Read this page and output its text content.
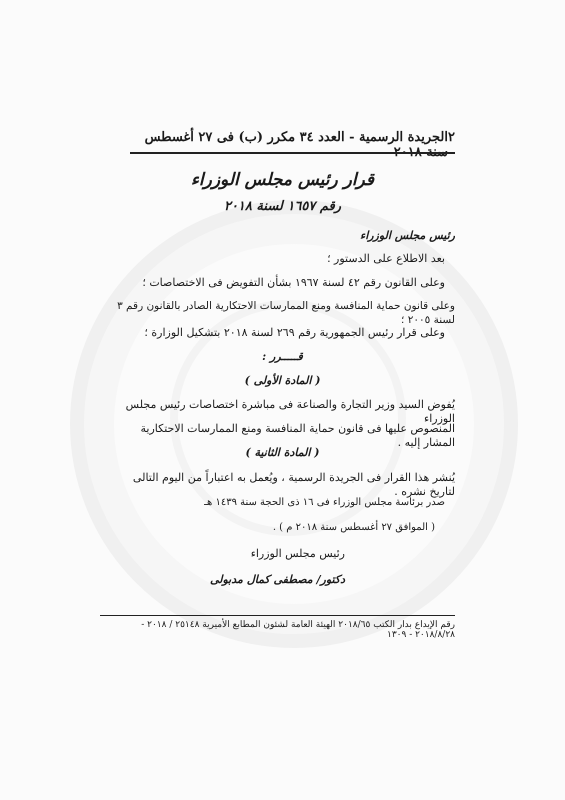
٢
الجريدة الرسمية - العدد ٣٤ مكرر (ب) فى ٢٧ أغسطس سنة ٢٠١٨
قرار رئيس مجلس الوزراء
رقم ١٦٥٧ لسنة ٢٠١٨
رئيس مجلس الوزراء
بعد الاطلاع على الدستور ؛
وعلى القانون رقم ٤٢ لسنة ١٩٦٧ بشأن التفويض فى الاختصاصات ؛
وعلى قانون حماية المنافسة ومنع الممارسات الاحتكارية الصادر بالقانون رقم ٣ لسنة ٢٠٠٥ ؛
وعلى قرار رئيس الجمهورية رقم ٢٦٩ لسنة ٢٠١٨ بتشكيل الوزارة ؛
قـــــرر :
( المادة الأولى )
يُفوض السيد وزير التجارة والصناعة فى مباشرة اختصاصات رئيس مجلس الوزراء
المنصوص عليها فى قانون حماية المنافسة ومنع الممارسات الاحتكارية المشار إليه .
( المادة الثانية )
يُنشر هذا القرار فى الجريدة الرسمية ، ويُعمل به اعتباراً من اليوم التالى لتاريخ نشره .
صدر برئاسة مجلس الوزراء فى ١٦ ذى الحجة سنة ١٤٣٩ هـ
( الموافق ٢٧ أغسطس سنة ٢٠١٨ م ) .
رئيس مجلس الوزراء
دكتور/ مصطفى كمال مدبولى
رقم الإيداع بدار الكتب ٢٠١٨/٦٥ الهيئة العامة لشئون المطابع الأميرية ٢٥١٤٨ / ٢٠١٨ - ٢٠١٨/٨/٢٨ - ١٣٠٩
